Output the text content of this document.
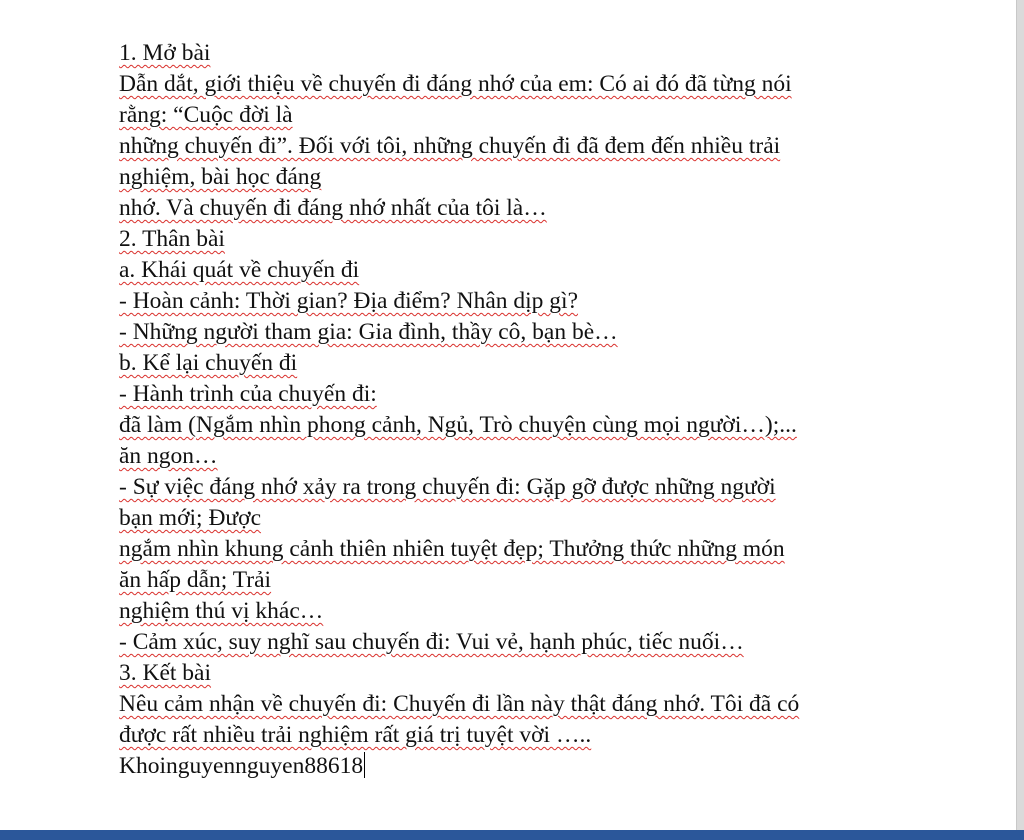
1. Mở bài
Dẫn dắt, giới thiệu về chuyến đi đáng nhớ của em: Có ai đó đã từng nói
rằng: “Cuộc đời là
những chuyến đi”. Đối với tôi, những chuyến đi đã đem đến nhiều trải
nghiệm, bài học đáng
nhớ. Và chuyến đi đáng nhớ nhất của tôi là…
2. Thân bài
a. Khái quát về chuyến đi
- Hoàn cảnh: Thời gian? Địa điểm? Nhân dịp gì?
- Những người tham gia: Gia đình, thầy cô, bạn bè…
b. Kể lại chuyến đi
- Hành trình của chuyến đi:
đã làm (Ngắm nhìn phong cảnh, Ngủ, Trò chuyện cùng mọi người…);...
ăn ngon…
- Sự việc đáng nhớ xảy ra trong chuyến đi: Gặp gỡ được những người
bạn mới; Được
ngắm nhìn khung cảnh thiên nhiên tuyệt đẹp; Thưởng thức những món
ăn hấp dẫn; Trải
nghiệm thú vị khác…
- Cảm xúc, suy nghĩ sau chuyến đi: Vui vẻ, hạnh phúc, tiếc nuối…
3. Kết bài
Nêu cảm nhận về chuyến đi: Chuyến đi lần này thật đáng nhớ. Tôi đã có
được rất nhiều trải nghiệm rất giá trị tuyệt vời …..
Khoinguyennguyen88618
